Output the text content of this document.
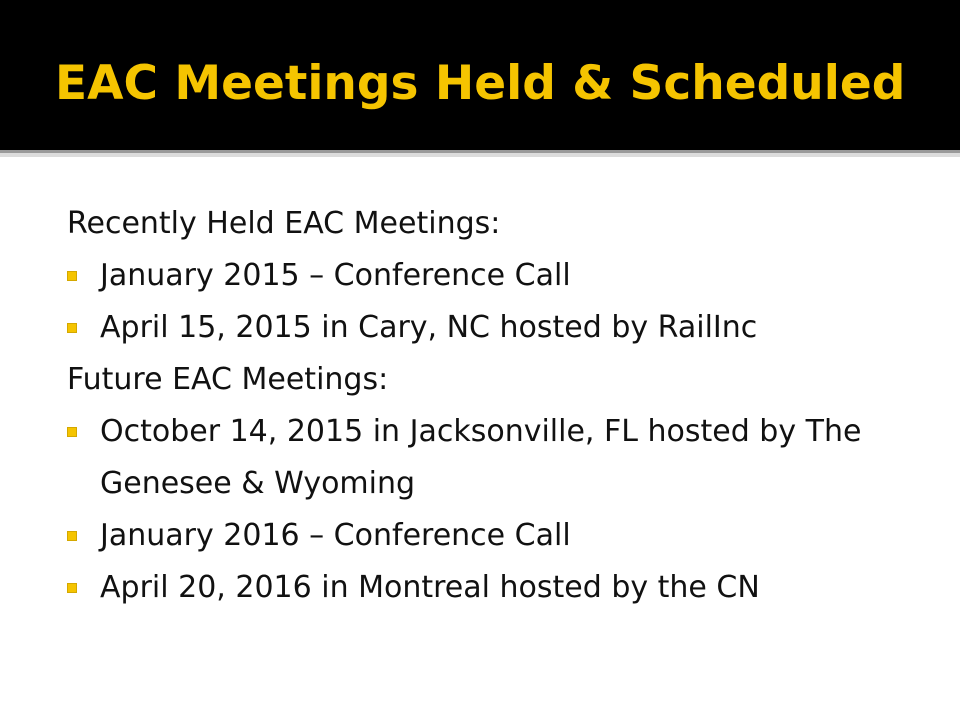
EAC Meetings Held & Scheduled
Recently Held EAC Meetings:
January 2015 – Conference Call
April 15, 2015 in Cary, NC hosted by RailInc
Future EAC Meetings:
October 14, 2015 in Jacksonville, FL hosted by The Genesee & Wyoming
January 2016 – Conference Call
April 20, 2016 in Montreal hosted by the CN
